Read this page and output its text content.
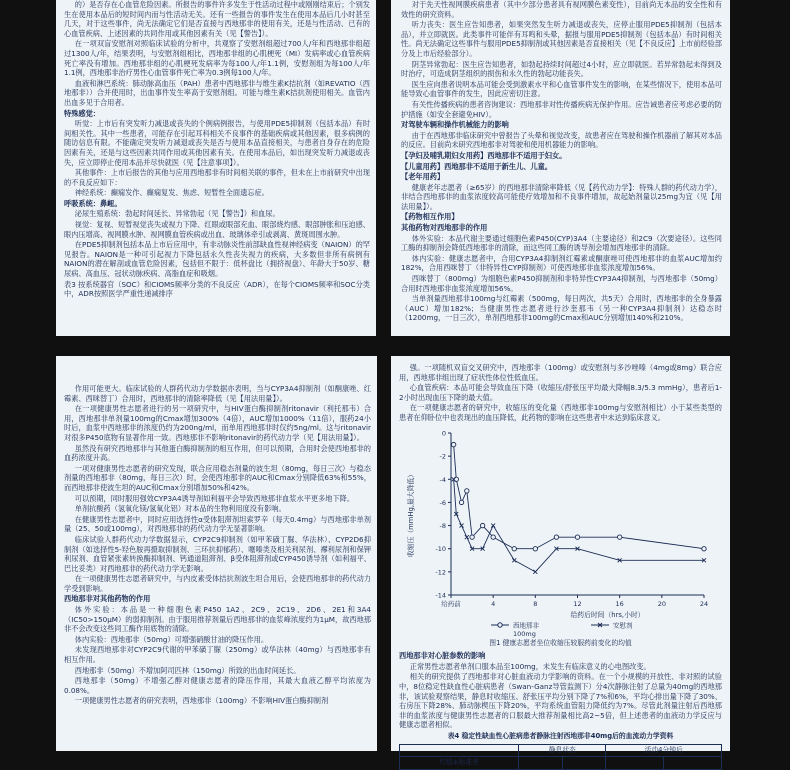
的）是否存在心血管危险因素。所报告的事件许多发生于性活动过程中或刚刚结束后；个别发生在使用本品后的短时间内而与性活动无关。还有一些报告的事件发生在使用本品后几小时甚至几天，对于这些事件，尚无法确定它们是否直接与西地那非的使用有关，还是与性活动、已有的心血管疾病、上述因素的共同作用或其他因素有关（见【警告】）。

在一项双盲安慰剂对照临床试验的分析中，共观察了安慰剂组超过700人/年和西地那非组超过1300人/年，结果表明，与安慰剂组相比，西地那非组的心肌梗死（MI）发病率或心血管疾病死亡率没有增加。西地那非组的心肌梗死发病率为每100人/年1.1例，安慰剂组为每100人/年1.1例，西地那非治疗男性心血管事件死亡率为0.3例每100人/年。

血液和淋巴系统：肺动脉高血压（PAH）患者中西地那非与维生素K拮抗剂（如REVATIO（西地那非））合并使用时，出血事件发生率高于安慰剂组。可能与维生素K拮抗剂使用相关。血管内出血多见于合用者。

特殊感觉：

听觉：上市后有突发听力减退或丧失的个例病例报告，与使用PDE5抑制剂（包括本品）有时间相关性。其中一些患者，可能存在引起耳科相关不良事件的基础疾病或其他因素，很多病例的随访信息有限。不能确定突发听力减退或丧失是否与使用本品直接相关，与患者自身存在的危险因素有关，还是与这些因素共同作用或其他因素有关。在使用本品后，如出现突发听力减退或丧失，应立即停止使用本品并尽快就医（见【注意事项】）。

其他事件：上市后报告的其他与应用西地那非有时间相关联的事件，但未在上市前研究中出现的不良反应如下：

神经系统：癫痫发作、癫痫复发、焦虑、短暂性全面遗忘症。

呼吸系统：鼻衄。

泌尿生殖系统：勃起时间延长、异常勃起（见【警告】）和血尿。

视觉：复视、短暂视觉丧失或视力下降、红眼或眼部充血、眼部烧灼感、眼部肿胀和压迫感、眼内压增高、视网膜水肿、视网膜血管疾病或出血、玻璃体牵引或剥离、黄斑周围水肿。

在PDE5抑制剂包括本品上市后应用中，有非动脉炎性前部缺血性视神经病变（NAION）的罕见报告。NAION是一种可引起视力下降包括永久性丧失视力的疾病，大多数但非所有病例有NAION的潜在解剖或血管危险因素，包括但不限于：低杯盘比（拥挤视盘）、年龄大于50岁、糖尿病、高血压、冠状动脉疾病、高脂血症和吸烟。

表3 按系统器官（SOC）和CIOMS频率分类的不良反应（ADR），在每个CIOMS频率和SOC分类中，ADR按照医学严重性递减排序

对于先天性视网膜疾病患者（其中少部分患者具有视网膜色素变性），目前尚无本品的安全性和有效性的研究资料。

听力丧失：医生应告知患者，如果突然发生听力减退或丧失，应停止服用PDE5抑制剂（包括本品），并立即就医。此类事件可能伴有耳鸣和头晕，据报与服用PDE5抑制剂（包括本品）有时间相关性。尚无法确定这些事件与服用PDE5抑制剂或其他因素是否直接相关（见【不良反应】上市前经验部分及上市后经验部分）。

阴茎异常勃起：医生应告知患者，如勃起持续时间超过4小时，应立即就医。若异常勃起未得到及时治疗，可造成阴茎组织的损伤和永久性的勃起功能丧失。

医生应向患者说明本品可能会受到激素水平和心血管事件发生的影响，在某些情况下，使用本品可能导致心血管事件的发生，因此应密切注意。

有关性传播疾病的患者咨询建议：西地那非对性传播疾病无保护作用。应告诫患者应考虑必要的防护措施（如安全套避免HIV）。

对驾驶车辆和操作机械能力的影响

由于在西地那非临床研究中曾报告了头晕和视觉改变，故患者应在驾驶和操作机器前了解其对本品的反应。目前尚未研究西地那非对驾驶和使用机器能力的影响。

【孕妇及哺乳期妇女用药】西地那非不适用于妇女。

【儿童用药】西地那非不适用于新生儿、儿童。

【老年用药】

健康老年志愿者（≥65岁）的西地那非清除率降低（见【药代动力学】：特殊人群的药代动力学），非结合西地那非的血浆浓度较高可能使疗效增加和不良事件增加，故起始剂量以25mg为宜（见【用法用量】）。

【药物相互作用】

其他药物对西地那非的作用

体外实验：本品代谢主要通过细胞色素P450(CYP)3A4（主要途径）和2C9（次要途径）。这些同工酶的抑制剂会降低西地那非的清除，而这些同工酶的诱导剂会增加西地那非的清除。

体内实验：健康志愿者中，合用CYP3A4抑制剂红霉素或酮康唑可使西地那非的血浆AUC增加约182%，合用西咪替丁（非特异性CYP抑制剂）可使西地那非血浆浓度增加56%。

西咪替丁（800mg）为细胞色素P450抑制剂和非特异性CYP3A4抑制剂，与西地那非（50mg）合用时西地那非血浆浓度增加56%。

当单剂量西地那非100mg与红霉素（500mg，每日两次，共5天）合用时，西地那非的全身暴露（AUC）增加182%；当健康男性志愿者进行沙奎那韦（另一种CYP3A4抑制剂）达稳态时（1200mg，一日三次），单剂西地那非100mg的Cmax和AUC分别增加140%和210%。

作用可能更大。临床试验的人群药代动力学数据亦表明，当与CYP3A4抑制剂（如酮康唑、红霉素、西咪替丁）合用时，西地那非的清除率降低（见【用法用量】）。

在一项健康男性志愿者进行的另一项研究中，与HIV蛋白酶抑制剂ritonavir（利托那韦）合用，西地那非单剂量100mg的Cmax增加300%（4倍），AUC增加1000%（11倍），服药24小时后，血浆中西地那非的浓度仍约为200ng/ml，而单用西地那非时仅约5ng/ml。这与ritonavir对很多P450底物有显著作用一致。西地那非不影响ritonavir的药代动力学（见【用法用量】）。

虽然没有研究西地那非与其他蛋白酶抑制剂的相互作用，但可以预期，合用时会使西地那非的血药浓度升高。

一项对健康男性志愿者的研究发现，联合应用稳态剂量的波生坦（80mg，每日三次）与稳态剂量的西地那非（80mg，每日三次）时，会使西地那非的AUC和Cmax分别降低63%和55%，而西地那非使波生坦的AUC和Cmax分别增加50%和42%。

可以预期，同时服用强效CYP3A4诱导剂如利福平会导致西地那非血浆水平更多地下降。

单剂抗酸药（氢氧化镁/氢氧化铝）对本品的生物利用度没有影响。

在健康男性志愿者中，同时应用选择性α受体阻滞剂坦索罗辛（每天0.4mg）与西地那非单剂量（25、50或100mg），对西地那非的药代动力学无显著影响。

临床试验人群药代动力学数据显示，CYP2C9抑制剂（如甲苯磺丁脲、华法林）、CYP2D6抑制剂（如选择性5-羟色胺再摄取抑制剂、三环抗抑郁药）、噻嗪类及相关利尿剂、襻利尿剂和保钾利尿剂、血管紧张素转换酶抑制剂、钙通道阻滞剂、β受体阻滞剂或CYP450诱导剂（如利福平、巴比妥类）对西地那非的药代动力学无影响。

在一项健康男性志愿者研究中，与内皮素受体拮抗剂波生坦合用后，会使西地那非的药代动力学受到影响。

西地那非对其他药物的作用

体外实验：本品是一种细胞色素P450 1A2、2C9、2C19、2D6、2E1和3A4（IC50>150μM）的弱抑制剂。由于服用推荐剂量后西地那非的血浆峰浓度约为1μM，故西地那非不会改变这些同工酶作用底物的清除。

体内实验：西地那非（50mg）可增强硝酸甘油的降压作用。

未发现西地那非对CYP2C9代谢的甲苯磺丁脲（250mg）或华法林（40mg）与西地那非有相互作用。

西地那非（50mg）不增加阿司匹林（150mg）所致的出血时间延长。

西地那非（50mg）不增强乙醇对健康志愿者的降压作用，其最大血液乙醇平均浓度为0.08%。

一项健康男性志愿者的研究表明，西地那非（100mg）不影响HIV蛋白酶抑制剂

强。一项随机双盲交叉研究中，西地那非（100mg）或安慰剂与多沙唑嗪（4mg或8mg）联合应用，西地那非组出现了症状性体位性低血压。

心血管疾病：本品可能会导致血压下降（收缩压/舒张压平均最大降幅8.3/5.3 mmHg），患者后1-2小时出现血压下降的最大值。

在一项健康志愿者的研究中，收缩压的变化量（西地那非100mg与安慰剂相比）小于某些类型的患者在仰卧位中也表现出的血压降低，此药物的影响在这些患者中未达到临床意义。

0
-2
-4
-6
-8
-10
-12
-14
给药前	4	8	12	16	20	24
收缩压（mmHg,最大降低）
给药后时间（hrs,小时）
西地那非
100mg
安慰剂
图1 健康志愿者坐位收缩压较服药前变化的均值

西地那非对心脏参数的影响

正常男性志愿者单剂口服本品至100mg，未发生有临床意义的心电图改变。

相关的研究提供了西地那非对心脏血液动力学影响的资料。在一个小规模的开放性、非对照的试验中，8位稳定性缺血性心脏病患者（Swan-Ganz导管监测下）分4次静脉注射了总量为40mg的西地那非，该试验观察结果，静息时收缩压、舒张压平均分别下降了7%和6%，平均心排出量下降了30%、右房压下降28%、肺动脉楔压下降20%，平均系统血管阻力降低约为7%。尽管此剂量注射后西地那非的血浆浓度与健康男性志愿者的口服最大推荐剂量相比高2~5倍，但上述患者的血液动力学反应与健康志愿者相似。

表4 稳定性缺血性心脏病患者静脉注射西地那非40mg后的血流动力学资料
	静息状态		活动4分钟后	
均值±标准差				
